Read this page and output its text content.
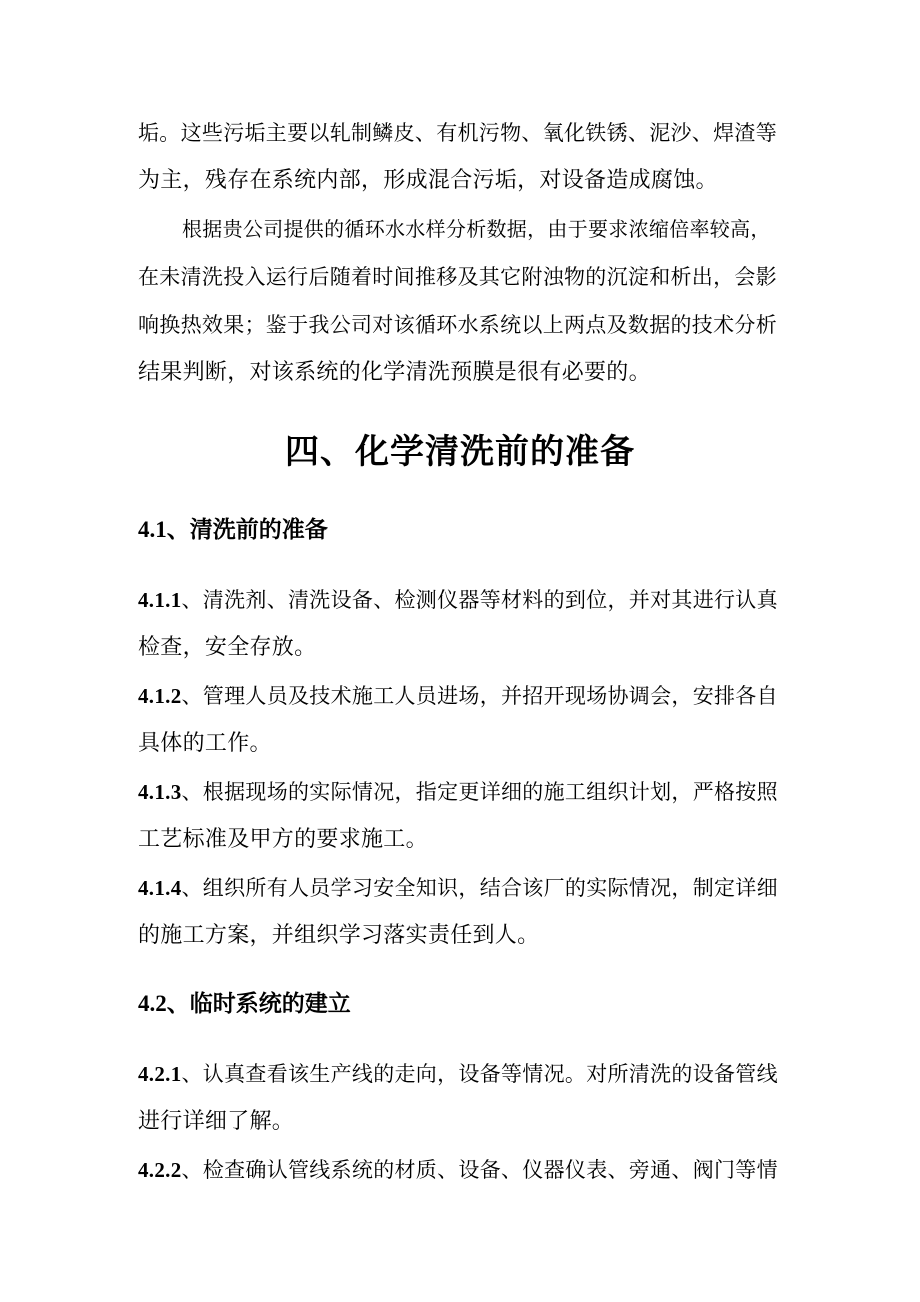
垢。这些污垢主要以轧制鳞皮、有机污物、氧化铁锈、泥沙、焊渣等
为主，残存在系统内部，形成混合污垢，对设备造成腐蚀。
根据贵公司提供的循环水水样分析数据，由于要求浓缩倍率较高，
在未清洗投入运行后随着时间推移及其它附浊物的沉淀和析出，会影
响换热效果；鉴于我公司对该循环水系统以上两点及数据的技术分析
结果判断，对该系统的化学清洗预膜是很有必要的。
四、化学清洗前的准备
4.1、清洗前的准备
4.1.1、清洗剂、清洗设备、检测仪器等材料的到位，并对其进行认真
检查，安全存放。
4.1.2、管理人员及技术施工人员进场，并招开现场协调会，安排各自
具体的工作。
4.1.3、根据现场的实际情况，指定更详细的施工组织计划，严格按照
工艺标准及甲方的要求施工。
4.1.4、组织所有人员学习安全知识，结合该厂的实际情况，制定详细
的施工方案，并组织学习落实责任到人。
4.2、临时系统的建立
4.2.1、认真查看该生产线的走向，设备等情况。对所清洗的设备管线
进行详细了解。
4.2.2、检查确认管线系统的材质、设备、仪器仪表、旁通、阀门等情
